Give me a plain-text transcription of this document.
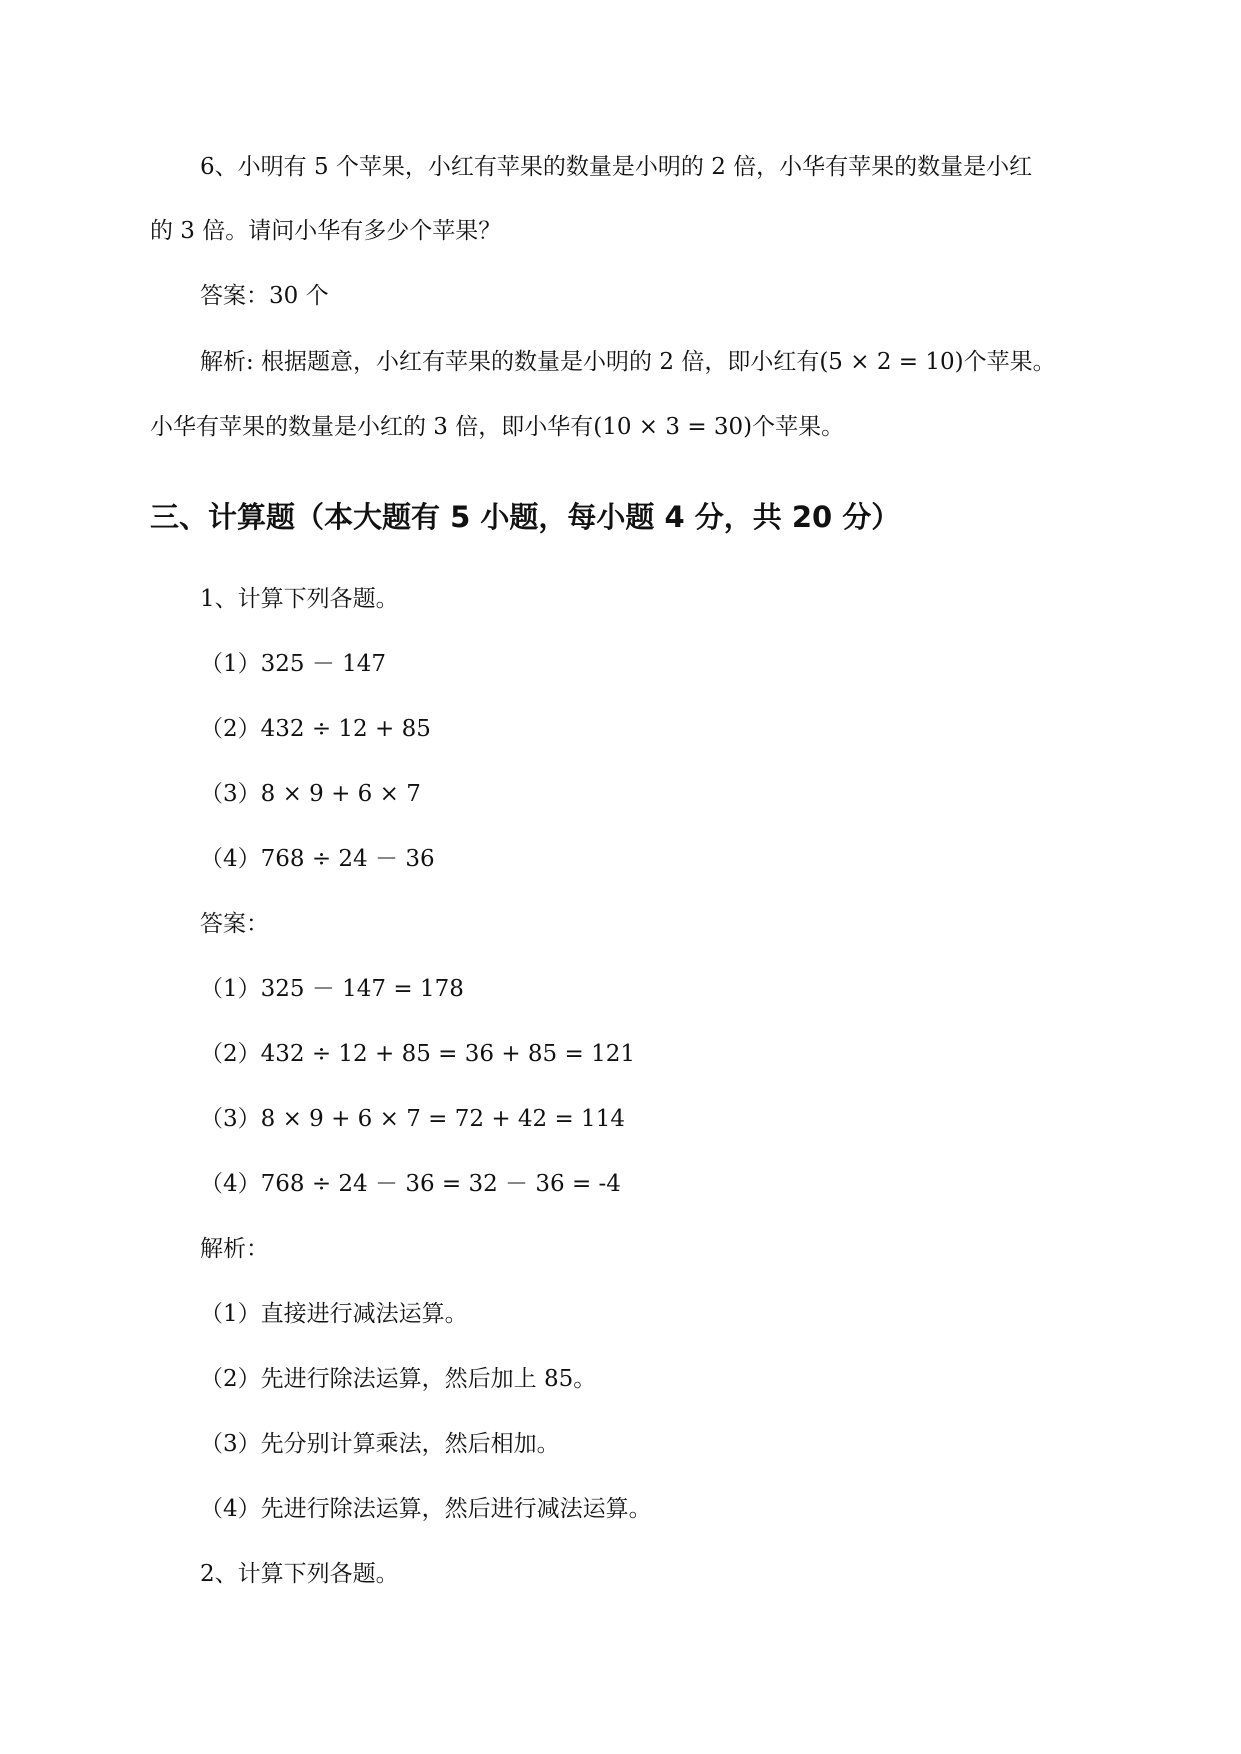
6、小明有 5 个苹果，小红有苹果的数量是小明的 2 倍，小华有苹果的数量是小红
的 3 倍。请问小华有多少个苹果？
答案：30 个
解析: 根据题意，小红有苹果的数量是小明的 2 倍，即小红有(5 × 2 = 10)个苹果。
小华有苹果的数量是小红的 3 倍，即小华有(10 × 3 = 30)个苹果。
三、计算题（本大题有 5 小题，每小题 4 分，共 20 分）
1、计算下列各题。
（1）325 － 147
（2）432 ÷ 12 + 85
（3）8 × 9 + 6 × 7
（4）768 ÷ 24 － 36
答案：
（1）325 － 147 = 178
（2）432 ÷ 12 + 85 = 36 + 85 = 121
（3）8 × 9 + 6 × 7 = 72 + 42 = 114
（4）768 ÷ 24 － 36 = 32 － 36 = -4
解析：
（1）直接进行减法运算。
（2）先进行除法运算，然后加上 85。
（3）先分别计算乘法，然后相加。
（4）先进行除法运算，然后进行减法运算。
2、计算下列各题。
